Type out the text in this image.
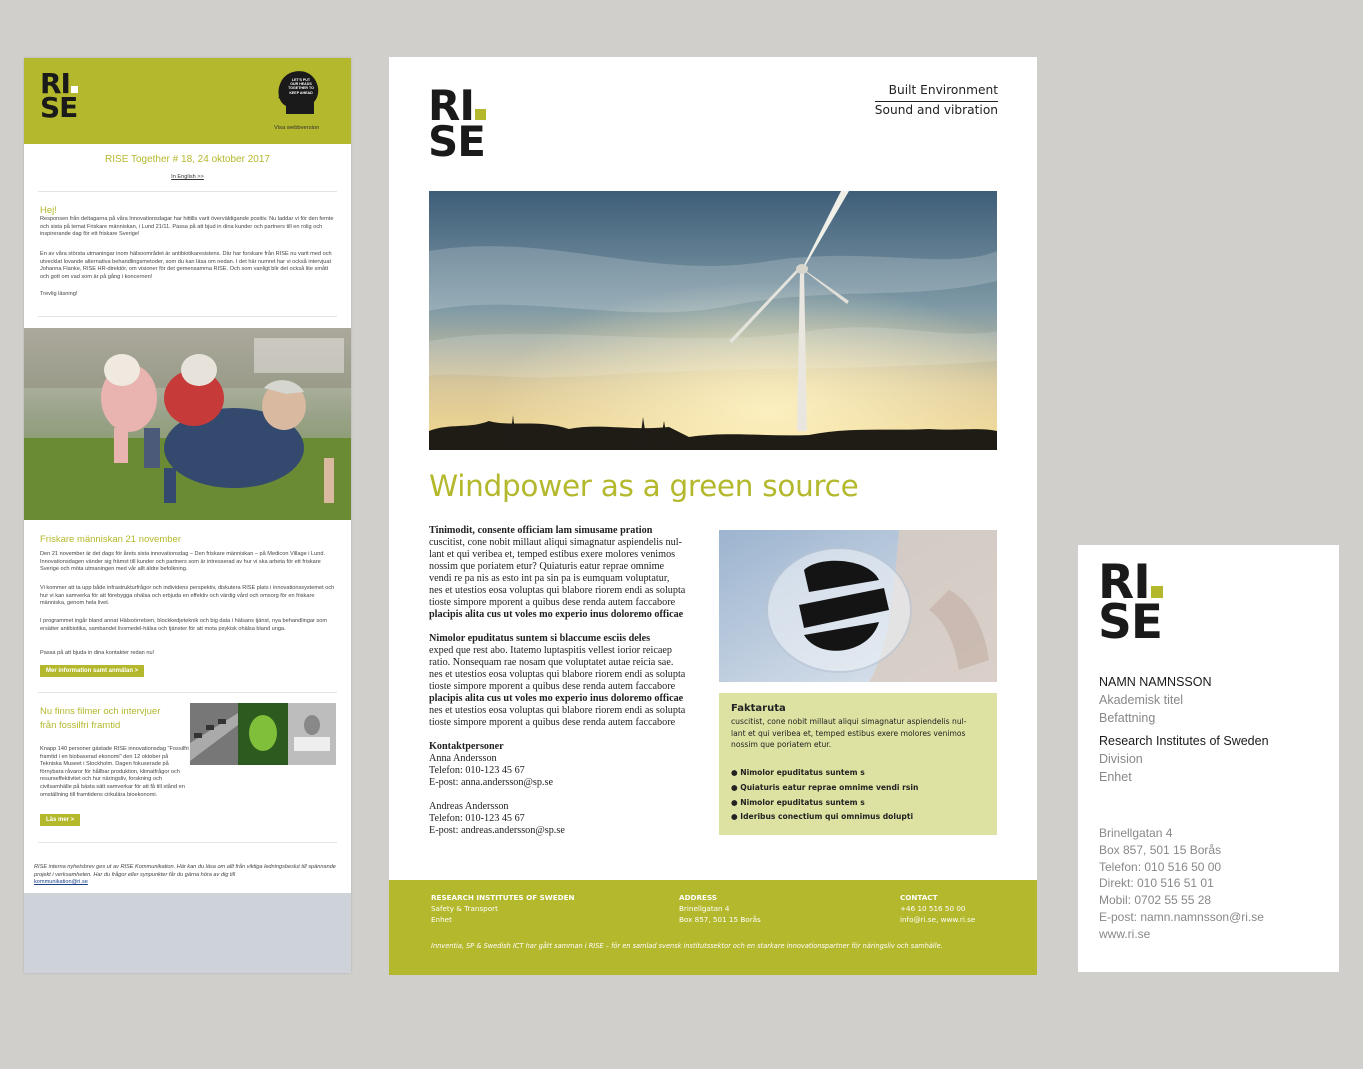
RI
SE
LET'S PUT OUR HEADS TOGETHER TO KEEP AHEAD
Visa webbversion
RISE Together # 18, 24 oktober 2017
In English >>
Hej!
Responsen från deltagarna på våra Innovationsdagar har hittills varit överväldigande positiv. Nu laddar vi för den femte och sista på temat Friskare människan, i Lund 21/11. Passa på att bjud in dina kunder och partners till en rolig och inspirerande dag för ett friskare Sverige!
En av våra största utmaningar inom hälsoområdet är antibiotikaresistens. Där har forskare från RISE nu varit med och utvecklat lovande alternativa behandlingsmetoder, som du kan läsa om nedan. I det här numret har vi också intervjuat Johanna Flanke, RISE HR-direktör, om visioner för det gemensamma RISE. Och som vanligt blir det också lite smått och gott om vad som är på gång i koncernen!
Trevlig läsning!
Friskare människan 21 november
Den 21 november är det dags för årets sista innovationsdag – Den friskare människan – på Medicon Village i Lund. Innovationsdagen vänder sig främst till kunder och partners som är intresserad av hur vi ska arbeta för ett friskare Sverige och möta utmaningen med vår allt äldre befolkning.
Vi kommer att ta upp både infrastrukturfrågor och individens perspektiv, diskutera RISE plats i innovationssystemet och hur vi kan samverka för att förebygga ohälsa och erbjuda en effektiv och värdig vård och omsorg för en friskare människa, genom hela livet.
I programmet ingår bland annat Hälsoörrelsen, blockkedjeteknik och big data i hälsans tjänst, nya behandlingar som ersätter antibiotika, sambandet livsmedel-hälsa och tjänster för att mota psykisk ohälsa bland unga.
Passa på att bjuda in dina kontakter redan nu!
Mer information samt anmälan >
Nu finns filmer och intervjuer
från fossilfri framtid
Knapp 140 personer gästade RISE innovationsdag "Fossilfri framtid i en biobaserad ekonomi" den 12 oktober på Tekniska Museet i Stockholm. Dagen fokuserade på förnybara råvaror för hållbar produktion, klimatfrågor och resurseffektivitet och hur näringsliv, forskning och civilsamhälle på bästa sätt samverkar för att få till stånd en omställning till framtidens cirkulära bioekonomi.
Läs mer >
RISE interna nyhetsbrev ges ut av RISE Kommunikation. Här kan du läsa om allt från viktiga ledningsbeslut till spännande projekt i verksamheten. Har du frågor eller synpunkter får du gärna höra av dig till
kommunikation@ri.se
RI
SE
Built Environment
Sound and vibration
Windpower as a green source
Tinimodit, consente officiam lam simusame pration
cuscitist, cone nobit millaut aliqui simagnatur aspiendelis nul-
lant et qui veribea et, temped estibus exere molores venimos
nossim que poriatem etur? Quiaturis eatur reprae omnime
vendi re pa nis as esto int pa sin pa is eumquam voluptatur,
nes et utestios eosa voluptas qui blabore riorem endi as solupta
tioste simpore mporent a quibus dese renda autem faccabore
placipis alita cus ut voles mo experio inus doloremo officae
Nimolor epuditatus suntem si blaccume esciis deles
exped que rest abo. Itatemo luptaspitis vellest iorior reicaep
ratio. Nonsequam rae nosam que voluptatet autae reicia sae.
nes et utestios eosa voluptas qui blabore riorem endi as solupta
tioste simpore mporent a quibus dese renda autem faccabore
placipis alita cus ut voles mo experio inus doloremo officae
nes et utestios eosa voluptas qui blabore riorem endi as solupta
tioste simpore mporent a quibus dese renda autem faccabore
Kontaktpersoner
Anna Andersson
Telefon: 010-123 45 67
E-post: anna.andersson@sp.se
Andreas Andersson
Telefon: 010-123 45 67
E-post: andreas.andersson@sp.se
Faktaruta
cuscitist, cone nobit millaut aliqui simagnatur aspiendelis nul-
lant et qui veribea et, temped estibus exere molores venimos
nossim que poriatem etur.
● Nimolor epuditatus suntem s
● Quiaturis eatur reprae omnime vendi rsin
● Nimolor epuditatus suntem s
● Ideribus conectium qui omnimus dolupti
RESEARCH INSTITUTES OF SWEDEN
Safety & Transport
Enhet
ADDRESS
Brinellgatan 4
Box 857, 501 15 Borås
CONTACT
+46 10 516 50 00
info@ri.se, www.ri.se
Innventia, SP & Swedish ICT har gått samman i RISE – för en samlad svensk institutssektor och en starkare innovationspartner för näringsliv och samhälle.
RI
SE
NAMN NAMNSSON
Akademisk titel
Befattning
Research Institutes of Sweden
Division
Enhet
Brinellgatan 4
Box 857, 501 15 Borås
Telefon: 010 516 50 00
Direkt: 010 516 51 01
Mobil: 0702 55 55 28
E-post: namn.namnsson@ri.se
www.ri.se
